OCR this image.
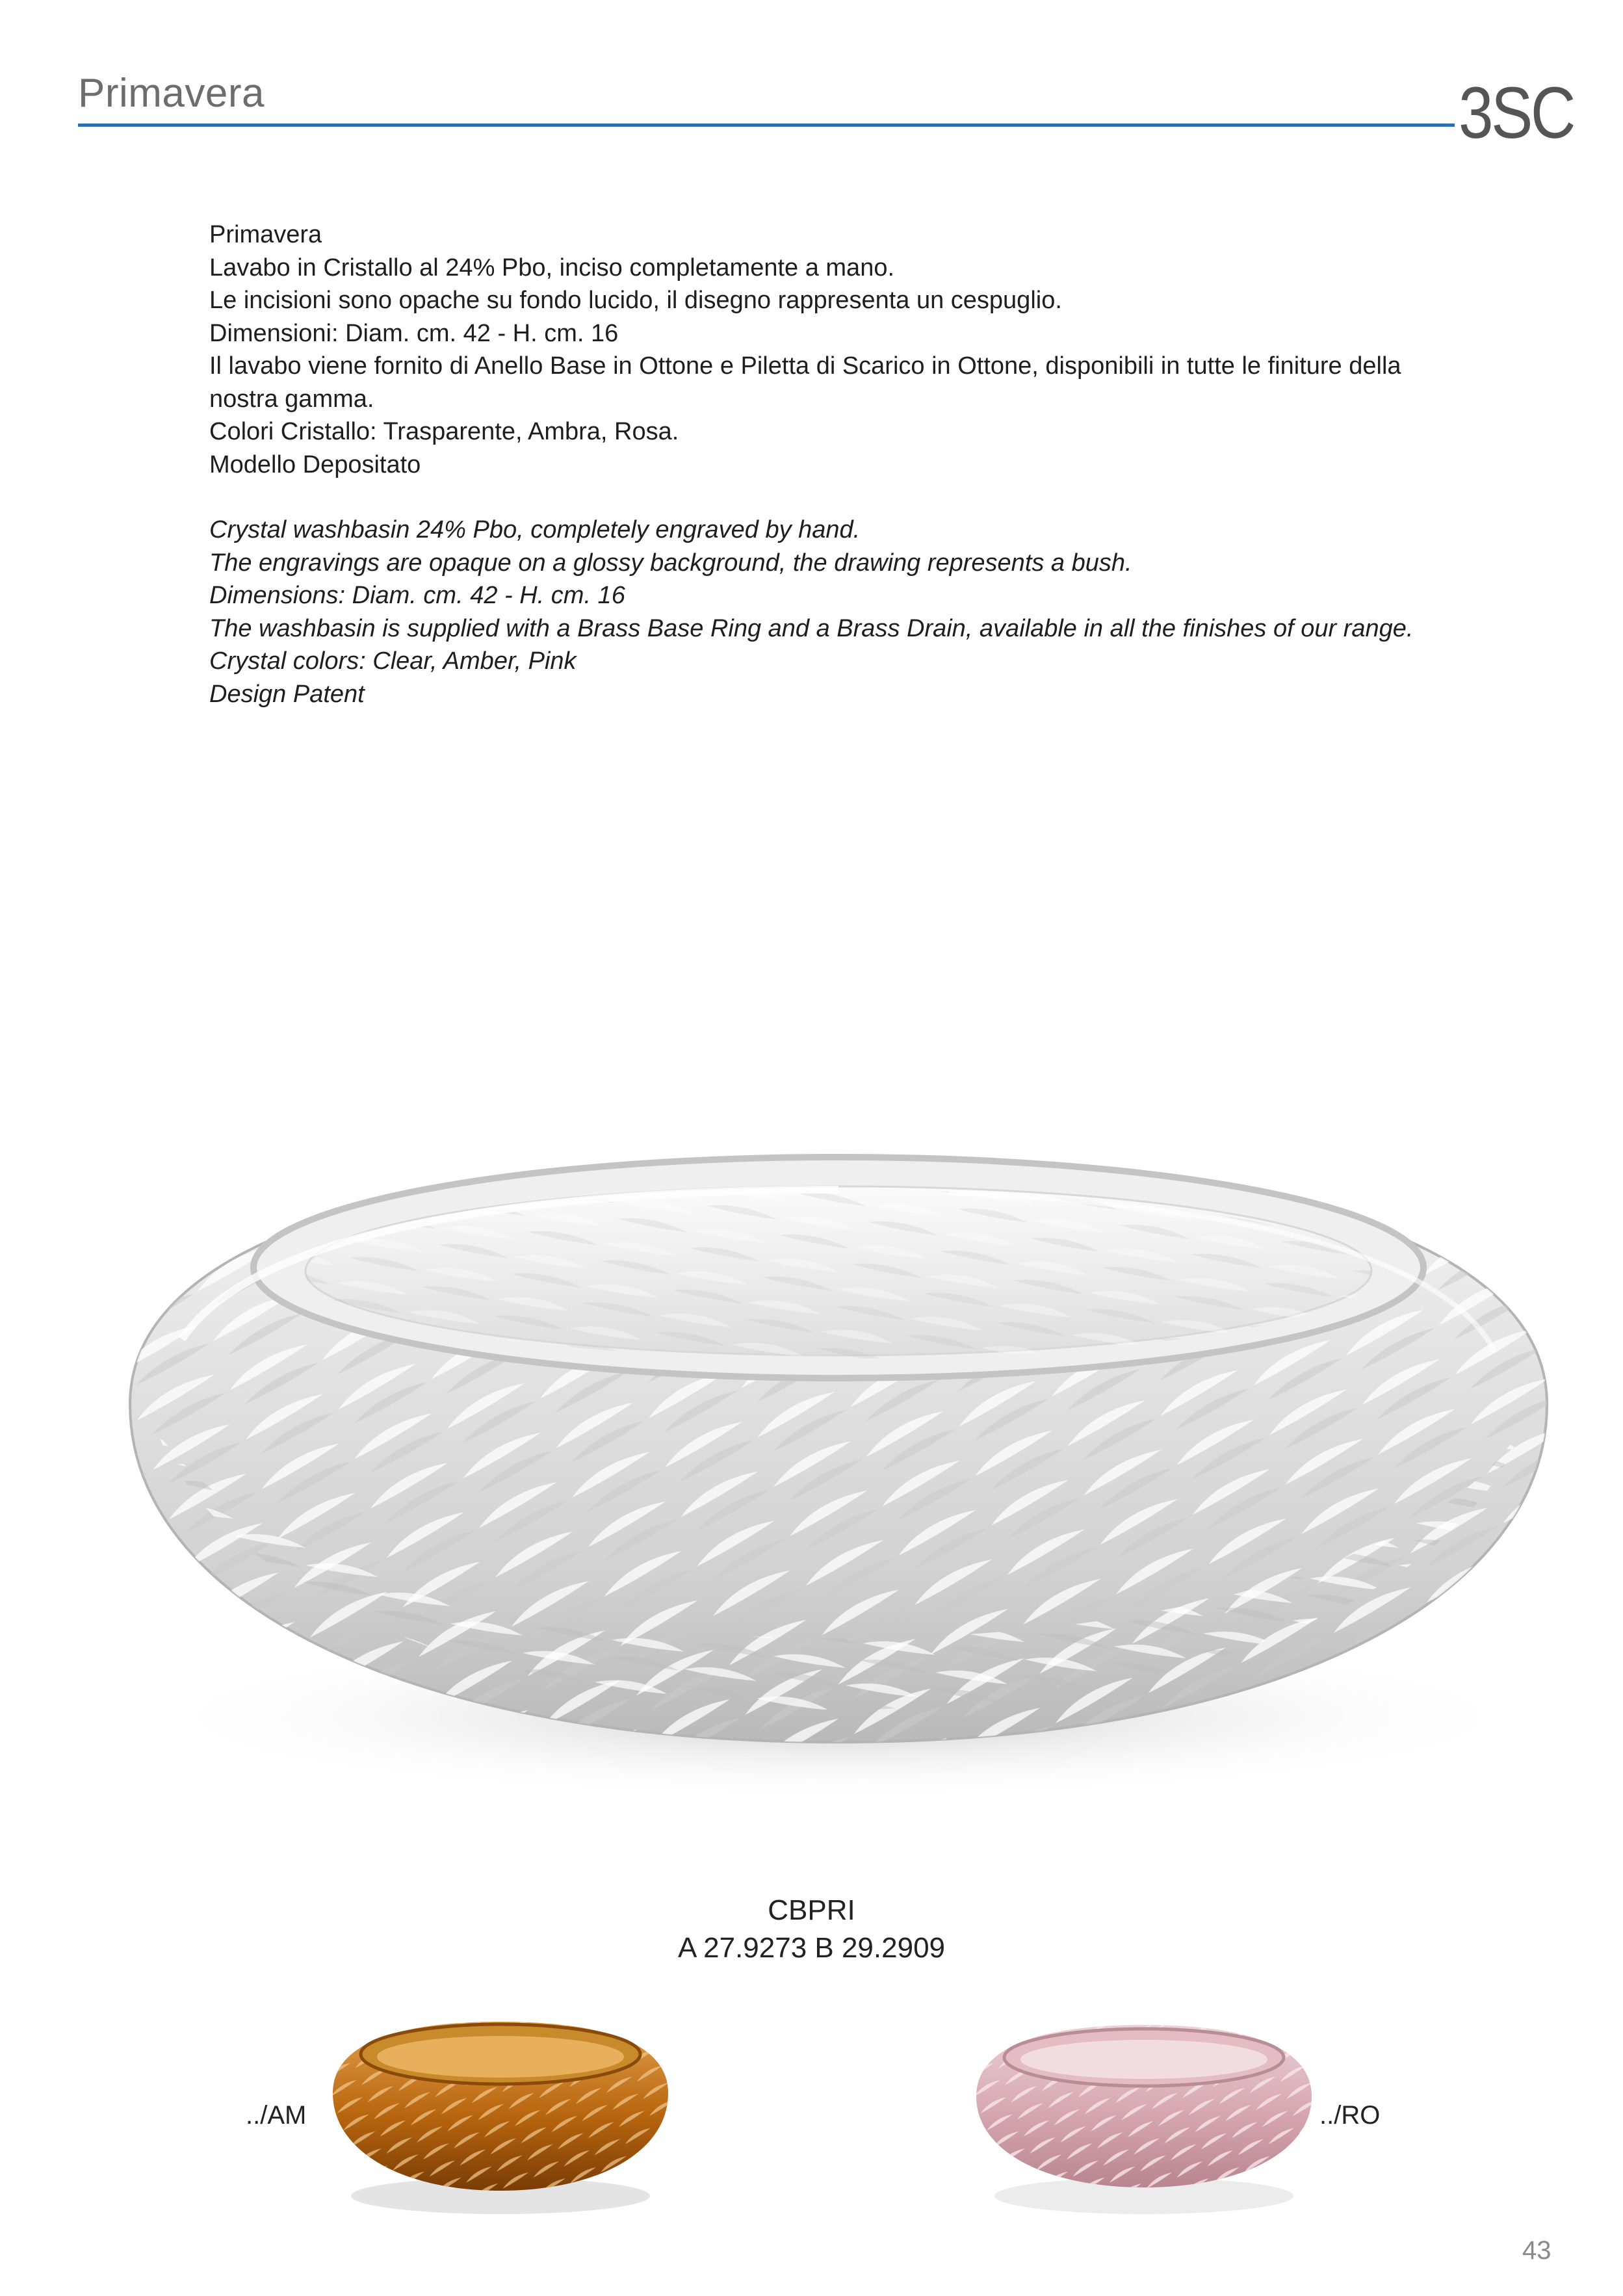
Primavera	3SC
Primavera
Lavabo in Cristallo al 24% Pbo, inciso completamente a mano.
Le incisioni sono opache su fondo lucido, il disegno rappresenta un cespuglio.
Dimensioni: Diam. cm. 42 - H. cm. 16
Il lavabo viene fornito di Anello Base in Ottone e Piletta di Scarico in Ottone, disponibili in tutte le finiture della
nostra gamma.
Colori Cristallo: Trasparente, Ambra, Rosa.
Modello Depositato
Crystal washbasin 24% Pbo, completely engraved by hand.
The engravings are opaque on a glossy background, the drawing represents a bush.
Dimensions: Diam. cm. 42 - H. cm. 16
The washbasin is supplied with a Brass Base Ring and a Brass Drain, available in all the finishes of our range.
Crystal colors: Clear, Amber, Pink
Design Patent
CBPRI
A 27.9273 B 29.2909
../AM	../RO
43
